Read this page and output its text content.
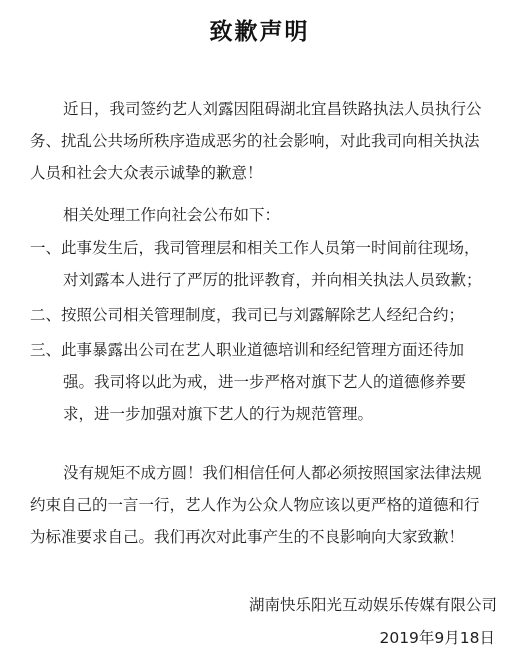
致歉声明
近日，我司签约艺人刘露因阻碍湖北宜昌铁路执法人员执行公
务、扰乱公共场所秩序造成恶劣的社会影响，对此我司向相关执法
人员和社会大众表示诚挚的歉意！
相关处理工作向社会公布如下：
一、此事发生后，我司管理层和相关工作人员第一时间前往现场，
对刘露本人进行了严厉的批评教育，并向相关执法人员致歉；
二、按照公司相关管理制度，我司已与刘露解除艺人经纪合约；
三、此事暴露出公司在艺人职业道德培训和经纪管理方面还待加
强。我司将以此为戒，进一步严格对旗下艺人的道德修养要
求，进一步加强对旗下艺人的行为规范管理。
没有规矩不成方圆！我们相信任何人都必须按照国家法律法规
约束自己的一言一行，艺人作为公众人物应该以更严格的道德和行
为标准要求自己。我们再次对此事产生的不良影响向大家致歉！
湖南快乐阳光互动娱乐传媒有限公司
2019年9月18日
